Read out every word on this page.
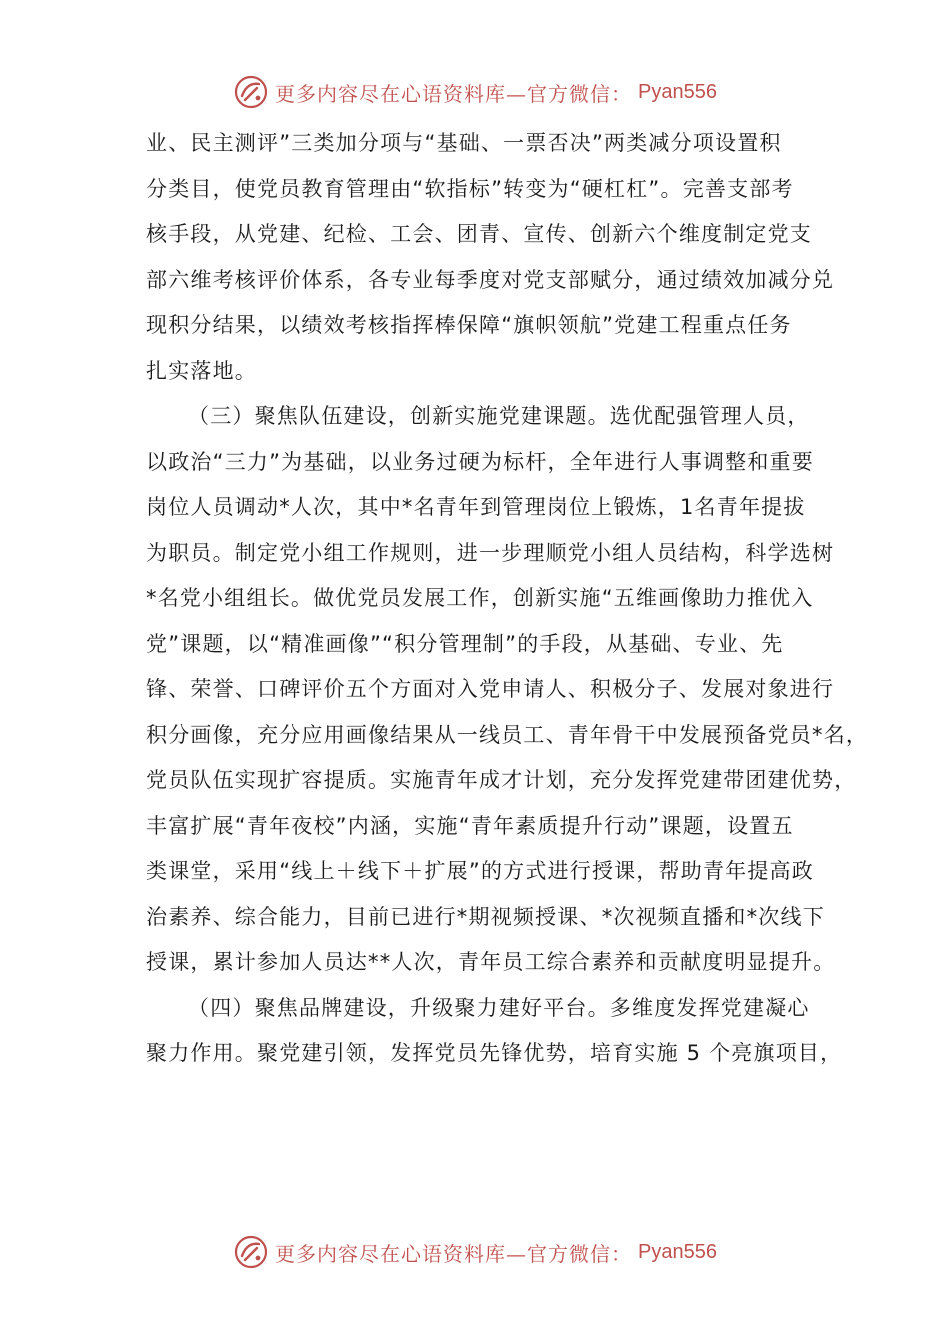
更多内容尽在心语资料库—官方微信： Pyan556
业、民主测评”三类加分项与“基础、一票否决”两类减分项设置积
分类目，使党员教育管理由“软指标”转变为“硬杠杠”。完善支部考
核手段，从党建、纪检、工会、团青、宣传、创新六个维度制定党支
部六维考核评价体系，各专业每季度对党支部赋分，通过绩效加减分兑
现积分结果，以绩效考核指挥棒保障“旗帜领航”党建工程重点任务
扎实落地。
（三）聚焦队伍建设，创新实施党建课题。选优配强管理人员，
以政治“三力”为基础，以业务过硬为标杆，全年进行人事调整和重要
岗位人员调动*人次，其中*名青年到管理岗位上锻炼，1名青年提拔
为职员。制定党小组工作规则，进一步理顺党小组人员结构，科学选树
*名党小组组长。做优党员发展工作，创新实施“五维画像助力推优入
党”课题，以“精准画像”“积分管理制”的手段，从基础、专业、先
锋、荣誉、口碑评价五个方面对入党申请人、积极分子、发展对象进行
积分画像，充分应用画像结果从一线员工、青年骨干中发展预备党员*名，
党员队伍实现扩容提质。实施青年成才计划，充分发挥党建带团建优势，
丰富扩展“青年夜校”内涵，实施“青年素质提升行动”课题，设置五
类课堂，采用“线上＋线下＋扩展”的方式进行授课，帮助青年提高政
治素养、综合能力，目前已进行*期视频授课、*次视频直播和*次线下
授课，累计参加人员达**人次，青年员工综合素养和贡献度明显提升。
（四）聚焦品牌建设，升级聚力建好平台。多维度发挥党建凝心
聚力作用。聚党建引领，发挥党员先锋优势，培育实施 5 个亮旗项目，
更多内容尽在心语资料库—官方微信： Pyan556
